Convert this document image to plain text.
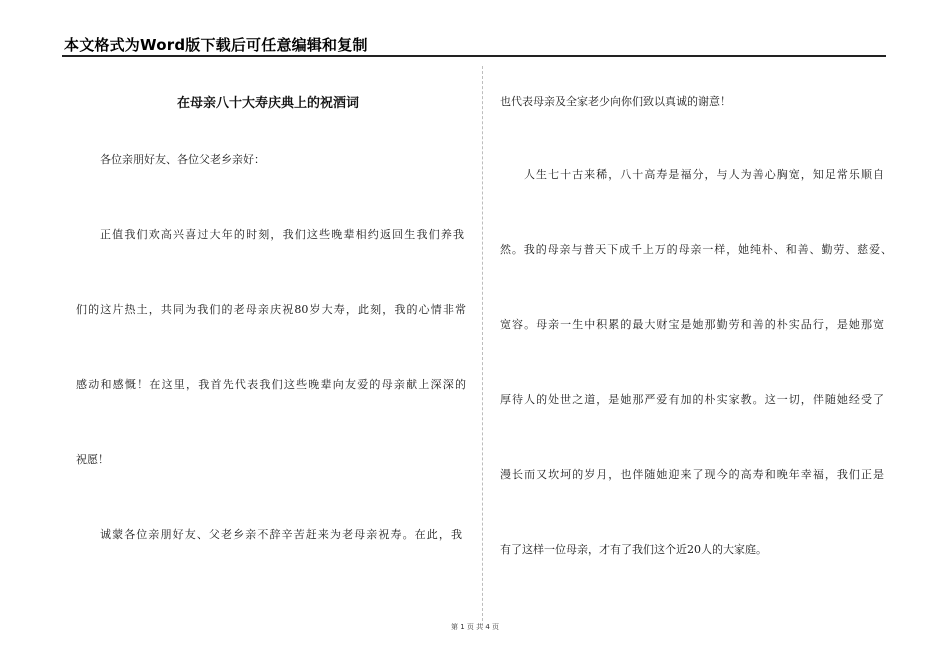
本文格式为Word版下载后可任意编辑和复制
在母亲八十大寿庆典上的祝酒词
各位亲朋好友、各位父老乡亲好：
正值我们欢高兴喜过大年的时刻，我们这些晚辈相约返回生我们养我
们的这片热土，共同为我们的老母亲庆祝80岁大寿，此刻，我的心情非常
感动和感慨！在这里，我首先代表我们这些晚辈向友爱的母亲献上深深的
祝愿！
诚蒙各位亲朋好友、父老乡亲不辞辛苦赶来为老母亲祝寿。在此，我
也代表母亲及全家老少向你们致以真诚的谢意！
人生七十古来稀，八十高寿是福分，与人为善心胸宽，知足常乐顺自
然。我的母亲与普天下成千上万的母亲一样，她纯朴、和善、勤劳、慈爱、
宽容。母亲一生中积累的最大财宝是她那勤劳和善的朴实品行，是她那宽
厚待人的处世之道，是她那严爱有加的朴实家教。这一切，伴随她经受了
漫长而又坎坷的岁月，也伴随她迎来了现今的高寿和晚年幸福，我们正是
有了这样一位母亲，才有了我们这个近20人的大家庭。
第 1 页 共 4 页
